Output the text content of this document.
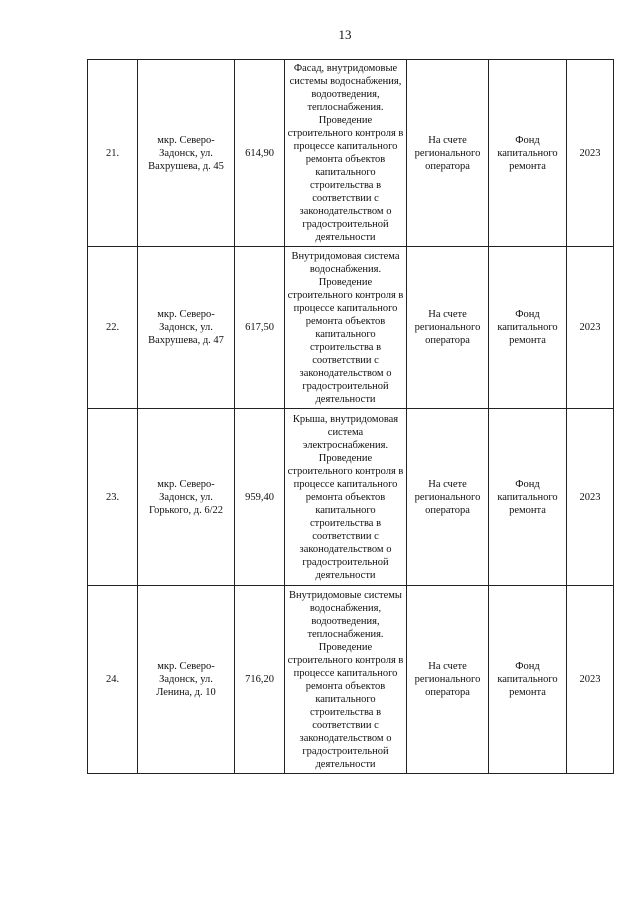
13
21.	мкр. Северо-Задонск, ул. Вахрушева, д. 45	614,90	Фасад, внутридомовые системы водоснабжения, водоотведения, теплоснабжения. Проведение строительного контроля в процессе капитального ремонта объектов капитального строительства в соответствии с законодательством о градостроительной деятельности	На счете регионального оператора	Фонд капитального ремонта	2023
22.	мкр. Северо-Задонск, ул. Вахрушева, д. 47	617,50	Внутридомовая система водоснабжения. Проведение строительного контроля в процессе капитального ремонта объектов капитального строительства в соответствии с законодательством о градостроительной деятельности	На счете регионального оператора	Фонд капитального ремонта	2023
23.	мкр. Северо-Задонск, ул. Горького, д. 6/22	959,40	Крыша, внутридомовая система электроснабжения. Проведение строительного контроля в процессе капитального ремонта объектов капитального строительства в соответствии с законодательством о градостроительной деятельности	На счете регионального оператора	Фонд капитального ремонта	2023
24.	мкр. Северо-Задонск, ул. Ленина, д. 10	716,20	Внутридомовые системы водоснабжения, водоотведения, теплоснабжения. Проведение строительного контроля в процессе капитального ремонта объектов капитального строительства в соответствии с законодательством о градостроительной деятельности	На счете регионального оператора	Фонд капитального ремонта	2023
